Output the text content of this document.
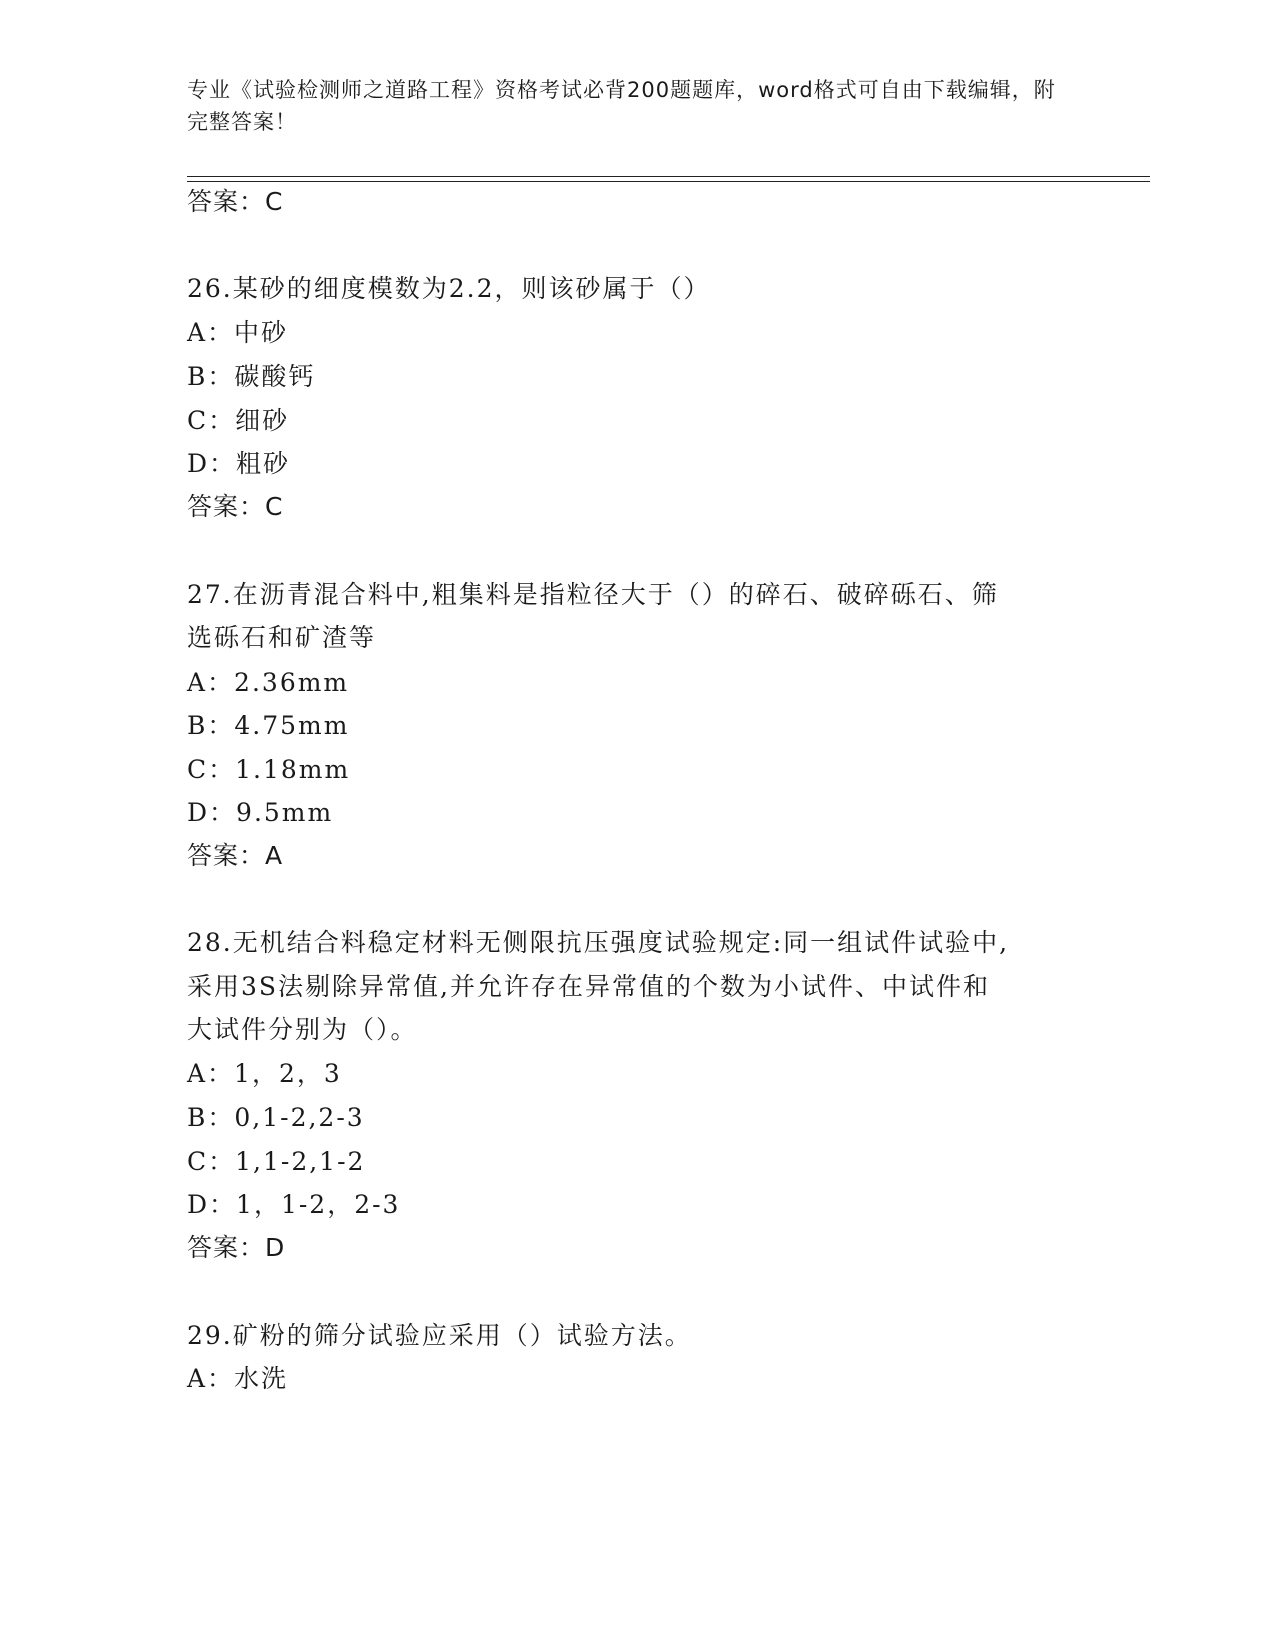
专业《试验检测师之道路工程》资格考试必背200题题库，word格式可自由下载编辑，附完整答案！
答案：C
26.某砂的细度模数为2.2，则该砂属于（）
A：中砂
B：碳酸钙
C：细砂
D：粗砂
答案：C
27.在沥青混合料中,粗集料是指粒径大于（）的碎石、破碎砾石、筛
选砾石和矿渣等
A：2.36mm
B：4.75mm
C：1.18mm
D：9.5mm
答案：A
28.无机结合料稳定材料无侧限抗压强度试验规定:同一组试件试验中,
采用3S法剔除异常值,并允许存在异常值的个数为小试件、中试件和
大试件分别为（）。
A：1，2，3
B：0,1-2,2-3
C：1,1-2,1-2
D：1，1-2，2-3
答案：D
29.矿粉的筛分试验应采用（）试验方法。
A：水洗
